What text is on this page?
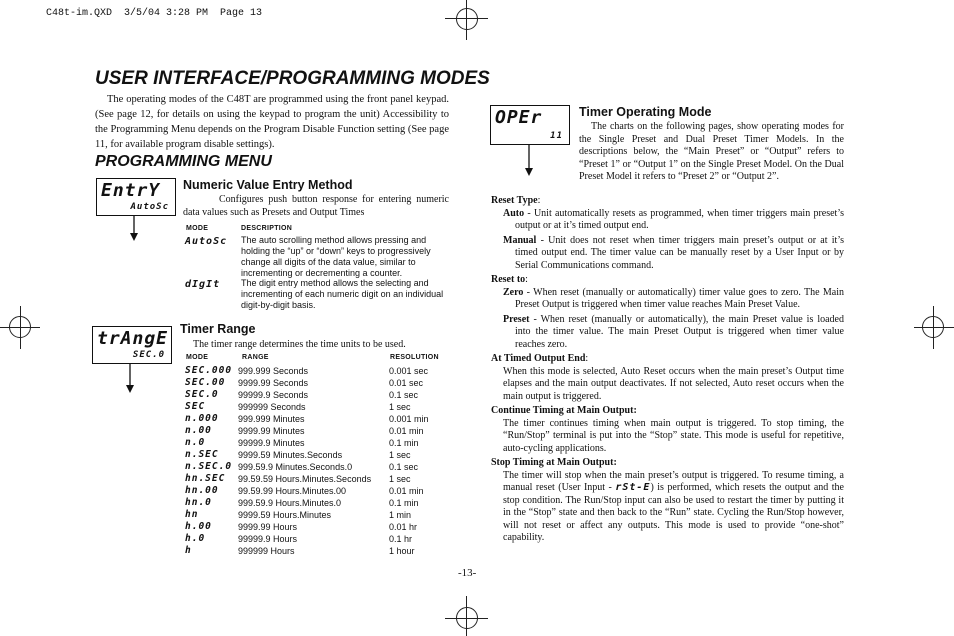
C48t-im.QXD  3/5/04 3:28 PM  Page 13
USER INTERFACE/PROGRAMMING MODES
The operating modes of the C48T are programmed using the front panel keypad. (See page 12, for details on using the keypad to program the unit) Accessibility to the Programming Menu depends on the Program Disable Function setting (See page 11, for available program disable settings).
PROGRAMMING MENU
EntrY
AutoSc
Numeric Value Entry Method
Configures push button response for entering numeric data values such as Presets and Output Times
MODE	DESCRIPTION
AutoSc The auto scrolling method allows pressing and holding the “up” or “down” keys to progressively change all digits of the data value, similar to incrementing or decrementing a counter.
dIgIt The digit entry method allows the selecting and incrementing of each numeric digit on an individual digit-by-digit basis.
trAngE
SEC.0
Timer Range
The timer range determines the time units to be used.
MODE	RANGE	RESOLUTION
SEC.000 999.999 Seconds	0.001 sec
SEC.00 9999.99 Seconds	0.01 sec
SEC.0 99999.9 Seconds	0.1 sec
SEC	999999 Seconds	1 sec
n.000 999.999 Minutes	0.001 min
n.00	9999.99 Minutes	0.01 min
n.0	99999.9 Minutes	0.1 min
n.SEC 9999.59 Minutes.Seconds	1 sec
n.SEC.0 999.59.9 Minutes.Seconds.0	0.1 sec
hn.SEC 99.59.59 Hours.Minutes.Seconds 1 sec
hn.00 99.59.99 Hours.Minutes.00	0.01 min
hn.0	999.59.9 Hours.Minutes.0	0.1 min
hn	9999.59 Hours.Minutes	1 min
h.00	9999.99 Hours	0.01 hr
h.0	99999.9 Hours	0.1 hr
h	999999 Hours	1 hour
OPEr
11
Timer Operating Mode
The charts on the following pages, show operating modes for the Single Preset and Dual Preset Timer Models. In the descriptions below, the “Main Preset” or “Output” refers to “Preset 1” or “Output 1” on the Single Preset Model. On the Dual Preset Model it refers to “Preset 2” or “Output 2”.

Reset Type:

Auto - Unit automatically resets as programmed, when timer triggers main preset’s output or at it’s timed output end.

Manual - Unit does not reset when timer triggers main preset’s output or at it’s timed output end. The timer value can be manually reset by a User Input or by Serial Communications command.

Reset to:

Zero - When reset (manually or automatically) timer value goes to zero. The Main Preset Output is triggered when timer value reaches Main Preset Value.

Preset - When reset (manually or automatically), the main Preset value is loaded into the timer value. The main Preset Output is triggered when timer value reaches zero.

At Timed Output End:

When this mode is selected, Auto Reset occurs when the main preset’s Output time elapses and the main output deactivates. If not selected, Auto reset occurs when the main output is triggered.

Continue Timing at Main Output:

The timer continues timing when main output is triggered. To stop timing, the “Run/Stop” terminal is put into the “Stop” state. This mode is useful for repetitive, auto-cycling applications.

Stop Timing at Main Output:

The timer will stop when the main preset’s output is triggered. To resume timing, a manual reset (User Input - rSt-E) is performed, which resets the output and the stop condition. The Run/Stop input can also be used to restart the timer by putting it in the “Stop” state and then back to the “Run” state. Cycling the Run/Stop however, will not reset or affect any outputs. This mode is used to provide “one-shot” capability.

-13-
